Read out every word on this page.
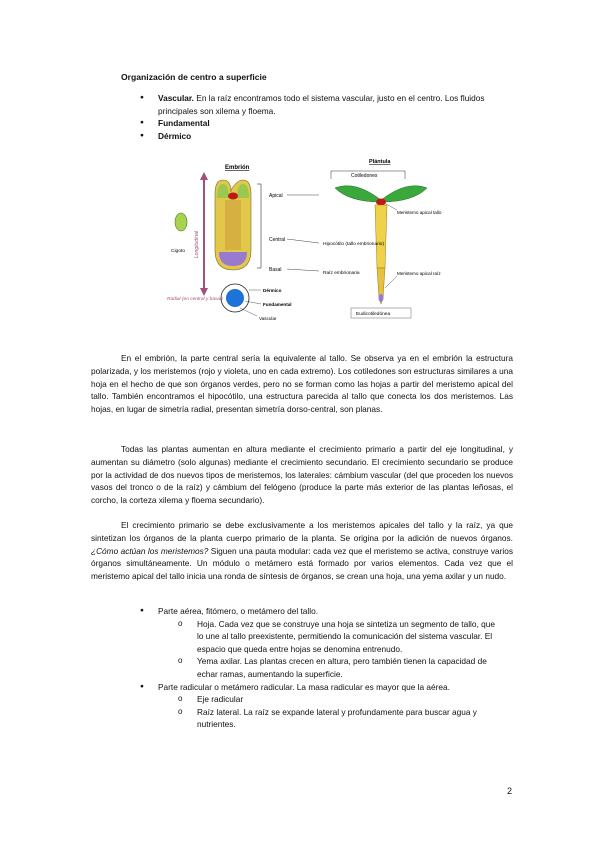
Organización de centro a superficie
● Vascular. En la raíz encontramos todo el sistema vascular, justo en el centro. Los fluidos principales son xilema y floema.
● Fundamental
● Dérmico
Embrión
Longitudinal
Cigoto
Apical
Central
Basal
Plántula
Cotiledones
Meristemo apical tallo
Meristemo apical raíz
Hipocótilo (tallo embrionario)
Raíz embrionaria
Eudicotiledónea
Radial (en central y basal)
Dérmico
Fundamental
Vascular

En el embrión, la parte central sería la equivalente al tallo. Se observa ya en el embrión la estructura polarizada, y los meristemos (rojo y violeta, uno en cada extremo). Los cotiledones son estructuras similares a una hoja en el hecho de que son órganos verdes, pero no se forman como las hojas a partir del meristemo apical del tallo. También encontramos el hipocótilo, una estructura parecida al tallo que conecta los dos meristemos. Las hojas, en lugar de simetría radial, presentan simetría dorso-central, son planas.

Todas las plantas aumentan en altura mediante el crecimiento primario a partir del eje longitudinal, y aumentan su diámetro (solo algunas) mediante el crecimiento secundario. El crecimiento secundario se produce por la actividad de dos nuevos tipos de meristemos, los laterales: cámbium vascular (del que proceden los nuevos vasos del tronco o de la raíz) y cámbium del felógeno (produce la parte más exterior de las plantas leñosas, el corcho, la corteza xilema y floema secundario).

El crecimiento primario se debe exclusivamente a los meristemos apicales del tallo y la raíz, ya que sintetizan los órganos de la planta cuerpo primario de la planta. Se origina por la adición de nuevos órganos. ¿Cómo actúan los meristemos? Siguen una pauta modular: cada vez que el meristemo se activa, construye varios órganos simultáneamente. Un módulo o metámero está formado por varios elementos. Cada vez que el meristemo apical del tallo inicia una ronda de síntesis de órganos, se crean una hoja, una yema axilar y un nudo.

● Parte aérea, fitómero, o metámero del tallo.
o Hoja. Cada vez que se construye una hoja se sintetiza un segmento de tallo, que lo une al tallo preexistente, permitiendo la comunicación del sistema vascular. El espacio que queda entre hojas se denomina entrenudo.
o Yema axilar. Las plantas crecen en altura, pero también tienen la capacidad de echar ramas, aumentando la superficie.
● Parte radicular o metámero radicular. La masa radicular es mayor que la aérea.
o Eje radicular
o Raíz lateral. La raíz se expande lateral y profundamente para buscar agua y nutrientes.
2
